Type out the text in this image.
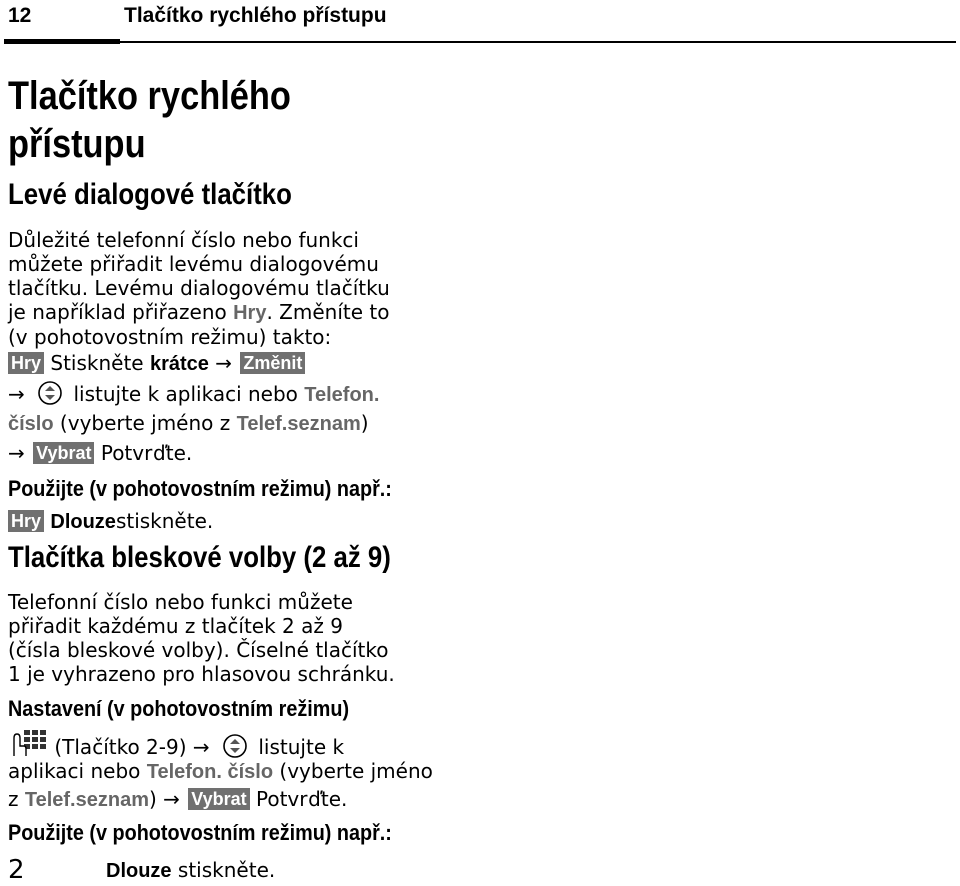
12	Tlačítko rychlého přístupu
Tlačítko rychlého
přístupu
Levé dialogové tlačítko
Důležité telefonní číslo nebo funkci
můžete přiřadit levému dialogovému
tlačítku. Levému dialogovému tlačítku
je například přiřazeno Hry. Změníte to
(v pohotovostním režimu) takto:
Hry Stiskněte krátce → Změnit
→  listujte k aplikaci nebo Telefon.
číslo (vyberte jméno z Telef.seznam)
→ Vybrat Potvrďte.
Použijte (v pohotovostním režimu) např.:
Hry Dlouzestiskněte.
Tlačítka bleskové volby (2 až 9)
Telefonní číslo nebo funkci můžete
přiřadit každému z tlačítek 2 až 9
(čísla bleskové volby). Číselné tlačítko
1 je vyhrazeno pro hlasovou schránku.
Nastavení (v pohotovostním režimu)
(Tlačítko 2-9) →  listujte k
aplikaci nebo Telefon. číslo (vyberte jméno
z Telef.seznam) → Vybrat Potvrďte.
Použijte (v pohotovostním režimu) např.:
2	Dlouze stiskněte.
